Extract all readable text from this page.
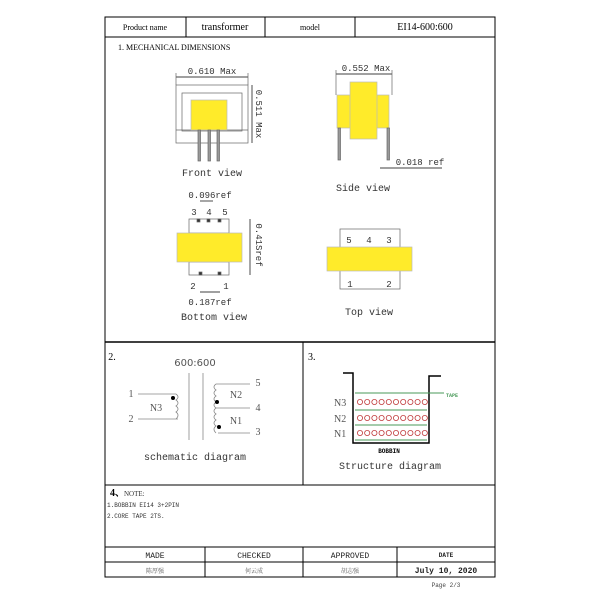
Product name	transformer	model	EI14-600:600
1. MECHANICAL DIMENSIONS
0.610 Max
0.511 Max
Front view
0.552 Max
0.018 ref
Side view
0.096ref
3 4 5
2	1
0.41Sref
0.187ref
Bottom view
5 4 3
1	2
Top view
2.
600:600
1
2
N3
5
N2
4
N1
3
schematic diagram
3.
N3
N2
N1
TAPE
BOBBIN
Structure diagram
4、 NOTE:
1.BOBBIN EI14 3+2PIN
2.CORE TAPE 2TS.
MADE	CHECKED	APPROVED	DATE
陈厚强	何云成	胡志强	July 10, 2020
Page 2/3
